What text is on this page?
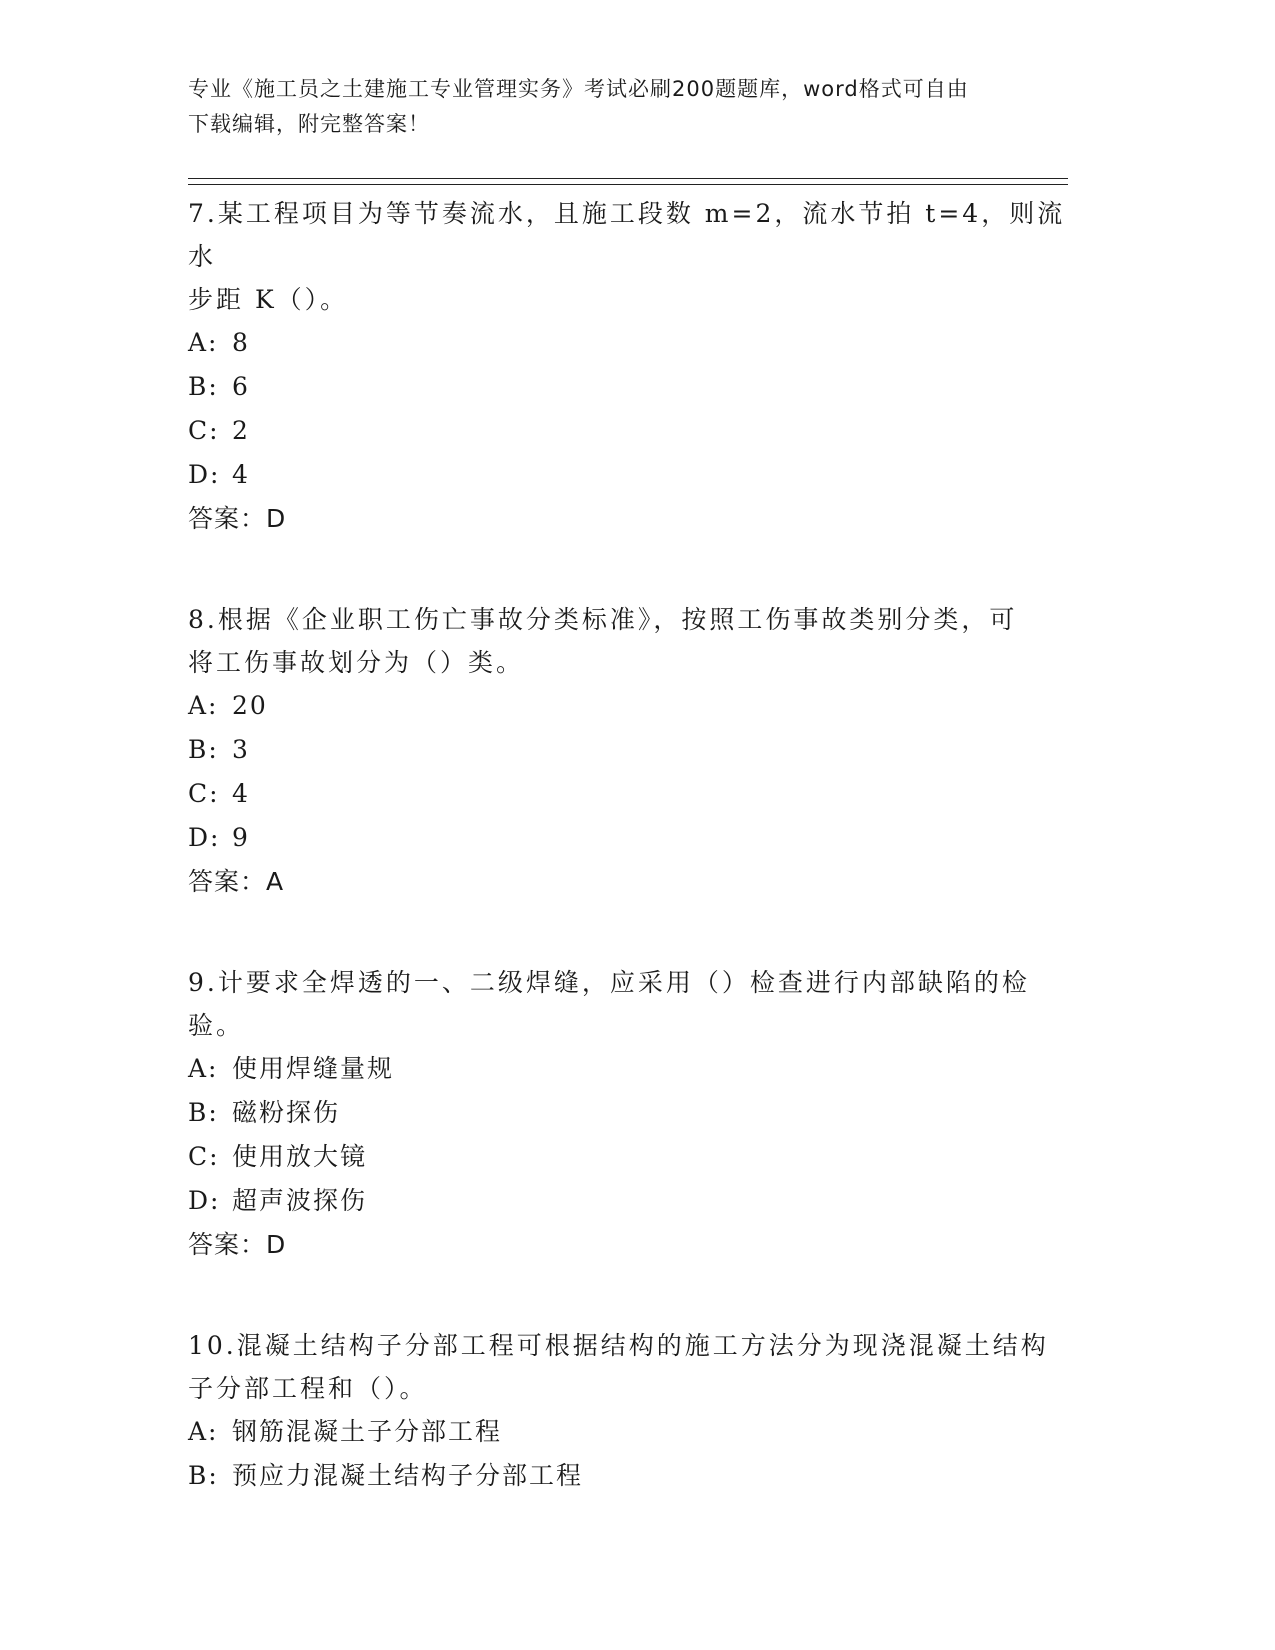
专业《施工员之土建施工专业管理实务》考试必刷200题题库，word格式可自由
下载编辑，附完整答案！
7.某工程项目为等节奏流水，且施工段数 m=2，流水节拍 t=4，则流水
步距 K（）。
A: 8
B: 6
C: 2
D: 4
答案：D
8.根据《企业职工伤亡事故分类标准》，按照工伤事故类别分类，可
将工伤事故划分为（）类。
A: 20
B: 3
C: 4
D: 9
答案：A
9.计要求全焊透的一、二级焊缝，应采用（）检查进行内部缺陷的检
验。
A: 使用焊缝量规
B: 磁粉探伤
C: 使用放大镜
D: 超声波探伤
答案：D
10.混凝土结构子分部工程可根据结构的施工方法分为现浇混凝土结构
子分部工程和（）。
A: 钢筋混凝土子分部工程
B: 预应力混凝土结构子分部工程
